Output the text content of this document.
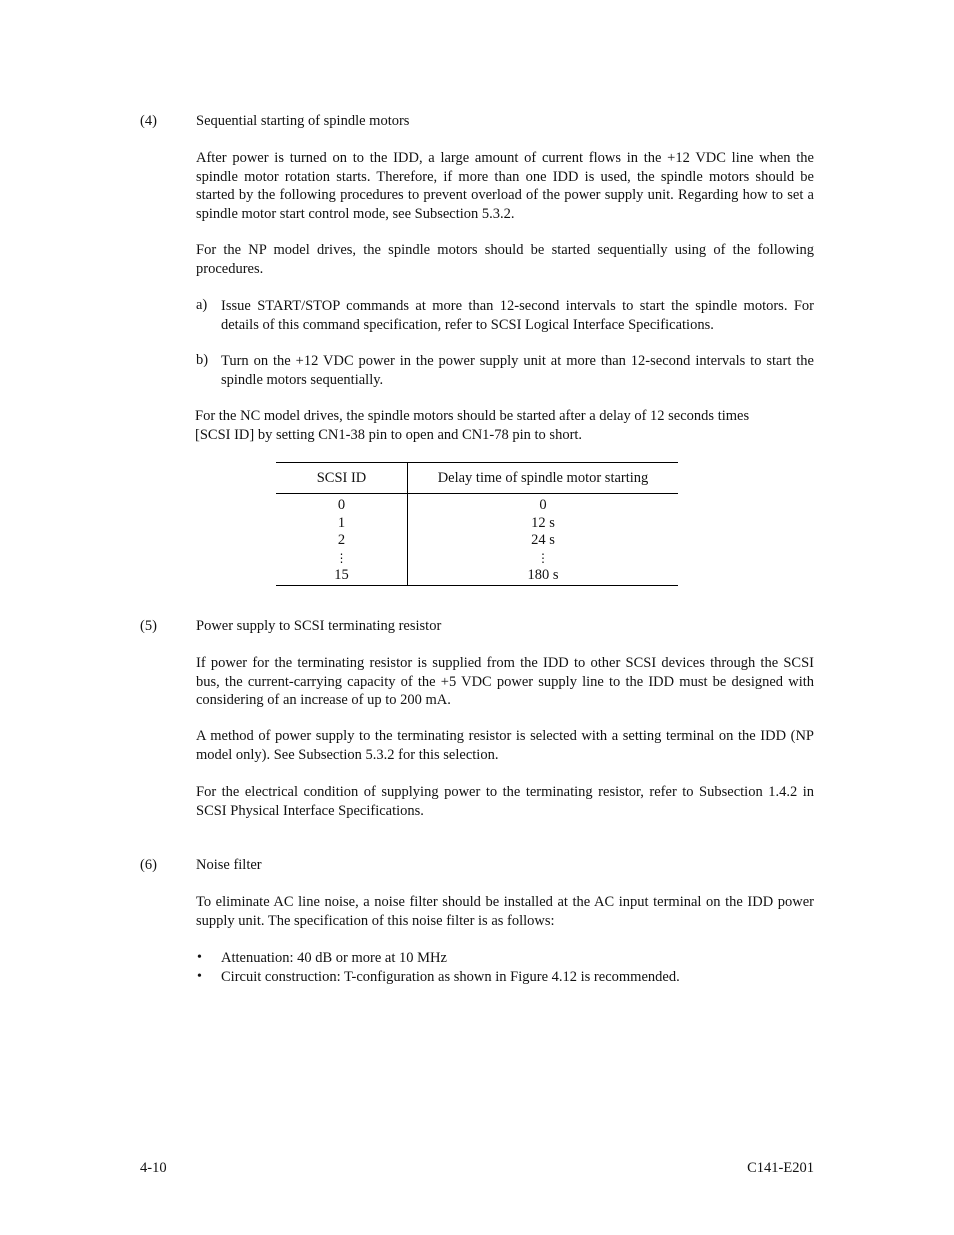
(4)	Sequential starting of spindle motors
After power is turned on to the IDD, a large amount of current flows in the +12 VDC line when the spindle motor rotation starts. Therefore, if more than one IDD is used, the spindle motors should be started by the following procedures to prevent overload of the power supply unit. Regarding how to set a spindle motor start control mode, see Subsection 5.3.2.
For the NP model drives, the spindle motors should be started sequentially using of the following procedures.
a) Issue START/STOP commands at more than 12-second intervals to start the spindle motors. For details of this command specification, refer to SCSI Logical Interface Specifications.
b) Turn on the +12 VDC power in the power supply unit at more than 12-second intervals to start the spindle motors sequentially.
For the NC model drives, the spindle motors should be started after a delay of 12 seconds times
[SCSI ID] by setting CN1-38 pin to open and CN1-78 pin to short.
SCSI ID	Delay time of spindle motor starting
0	0
1	12 s
2	24 s
⋮	⋮
15	180 s
(5)	Power supply to SCSI terminating resistor
If power for the terminating resistor is supplied from the IDD to other SCSI devices through the SCSI bus, the current-carrying capacity of the +5 VDC power supply line to the IDD must be designed with considering of an increase of up to 200 mA.
A method of power supply to the terminating resistor is selected with a setting terminal on the IDD (NP model only). See Subsection 5.3.2 for this selection.
For the electrical condition of supplying power to the terminating resistor, refer to Subsection 1.4.2 in SCSI Physical Interface Specifications.
(6)	Noise filter
To eliminate AC line noise, a noise filter should be installed at the AC input terminal on the IDD power supply unit. The specification of this noise filter is as follows:
• Attenuation: 40 dB or more at 10 MHz
• Circuit construction: T-configuration as shown in Figure 4.12 is recommended.
4-10	C141-E201
